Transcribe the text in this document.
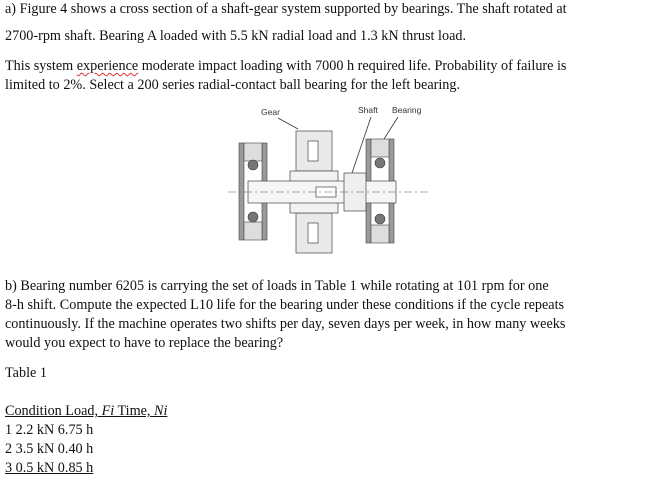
a) Figure 4 shows a cross section of a shaft-gear system supported by bearings. The shaft rotated at
2700-rpm shaft. Bearing A loaded with 5.5 kN radial load and 1.3 kN thrust load.
This system experience moderate impact loading with 7000 h required life. Probability of failure is
limited to 2%. Select a 200 series radial-contact ball bearing for the left bearing.
Gear	Shaft Bearing
b) Bearing number 6205 is carrying the set of loads in Table 1 while rotating at 101 rpm for one
8-h shift. Compute the expected L10 life for the bearing under these conditions if the cycle repeats
continuously. If the machine operates two shifts per day, seven days per week, in how many weeks
would you expect to have to replace the bearing?
Table 1
Condition Load, Fi Time, Ni
1 2.2 kN 6.75 h
2 3.5 kN 0.40 h
3 0.5 kN 0.85 h
